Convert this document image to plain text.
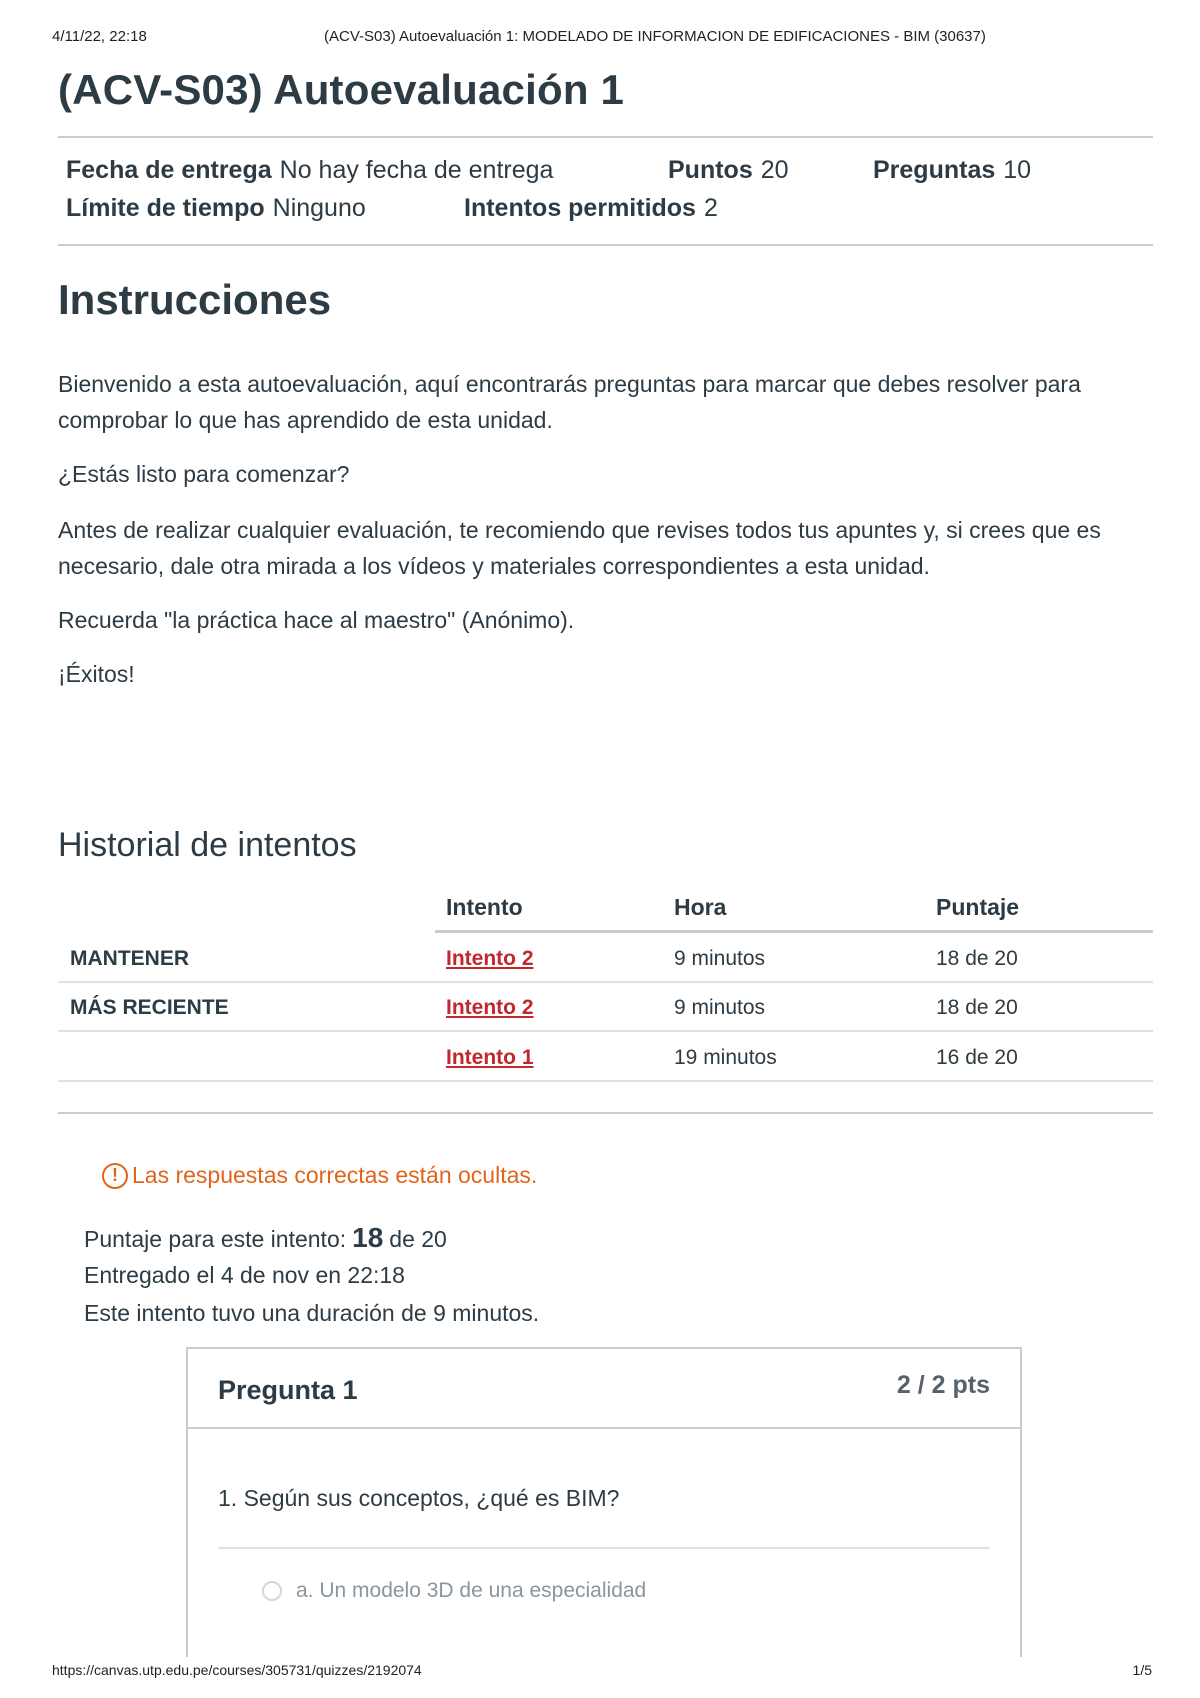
4/11/22, 22:18	(ACV-S03) Autoevaluación 1: MODELADO DE INFORMACION DE EDIFICACIONES - BIM (30637)
(ACV-S03) Autoevaluación 1
Fecha de entrega No hay fecha de entrega	Puntos 20	Preguntas 10
Límite de tiempo Ninguno	Intentos permitidos 2
Instrucciones
Bienvenido a esta autoevaluación, aquí encontrarás preguntas para marcar que debes resolver para comprobar lo que has aprendido de esta unidad.
¿Estás listo para comenzar?
Antes de realizar cualquier evaluación, te recomiendo que revises todos tus apuntes y, si crees que es necesario, dale otra mirada a los vídeos y materiales correspondientes a esta unidad.
Recuerda "la práctica hace al maestro" (Anónimo).
¡Éxitos!
Historial de intentos
Intento	Hora	Puntaje
MANTENER	Intento 2	9 minutos	18 de 20
MÁS RECIENTE	Intento 2	9 minutos	18 de 20
Intento 1	19 minutos	16 de 20
! Las respuestas correctas están ocultas.
Puntaje para este intento: 18 de 20
Entregado el 4 de nov en 22:18
Este intento tuvo una duración de 9 minutos.
Pregunta 1	2 / 2 pts
1. Según sus conceptos, ¿qué es BIM?
a. Un modelo 3D de una especialidad
https://canvas.utp.edu.pe/courses/305731/quizzes/2192074	1/5
